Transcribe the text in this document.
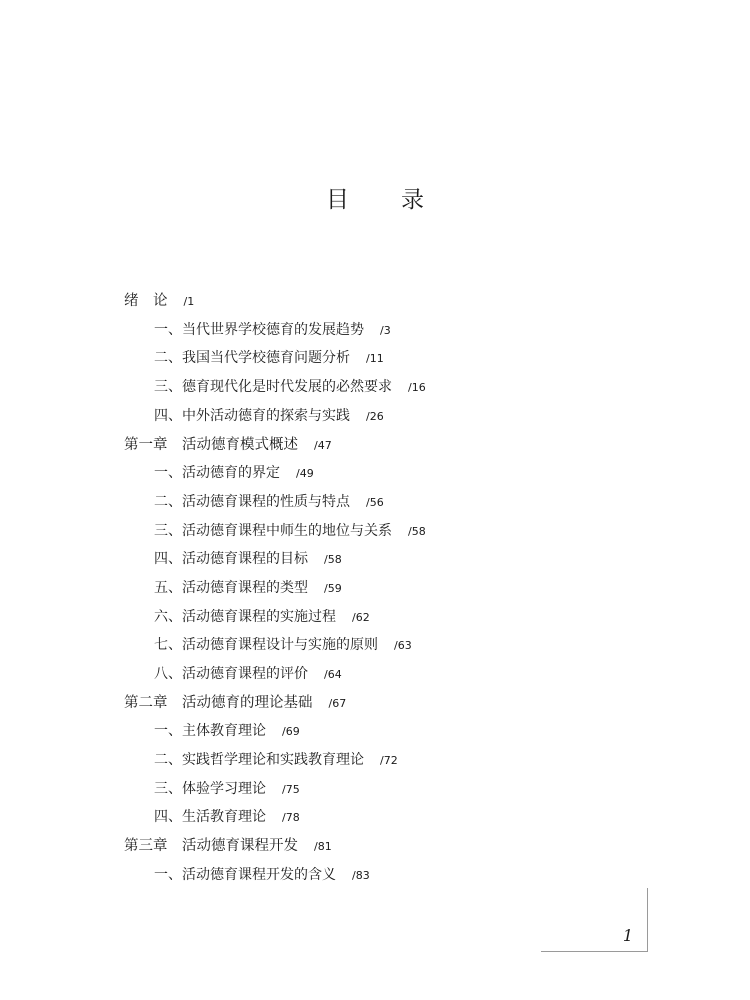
目 录
绪　论 /1
一、当代世界学校德育的发展趋势 /3
二、我国当代学校德育问题分析 /11
三、德育现代化是时代发展的必然要求 /16
四、中外活动德育的探索与实践 /26
第一章　活动德育模式概述 /47
一、活动德育的界定 /49
二、活动德育课程的性质与特点 /56
三、活动德育课程中师生的地位与关系 /58
四、活动德育课程的目标 /58
五、活动德育课程的类型 /59
六、活动德育课程的实施过程 /62
七、活动德育课程设计与实施的原则 /63
八、活动德育课程的评价 /64
第二章　活动德育的理论基础 /67
一、主体教育理论 /69
二、实践哲学理论和实践教育理论 /72
三、体验学习理论 /75
四、生活教育理论 /78
第三章　活动德育课程开发 /81
一、活动德育课程开发的含义 /83
1
